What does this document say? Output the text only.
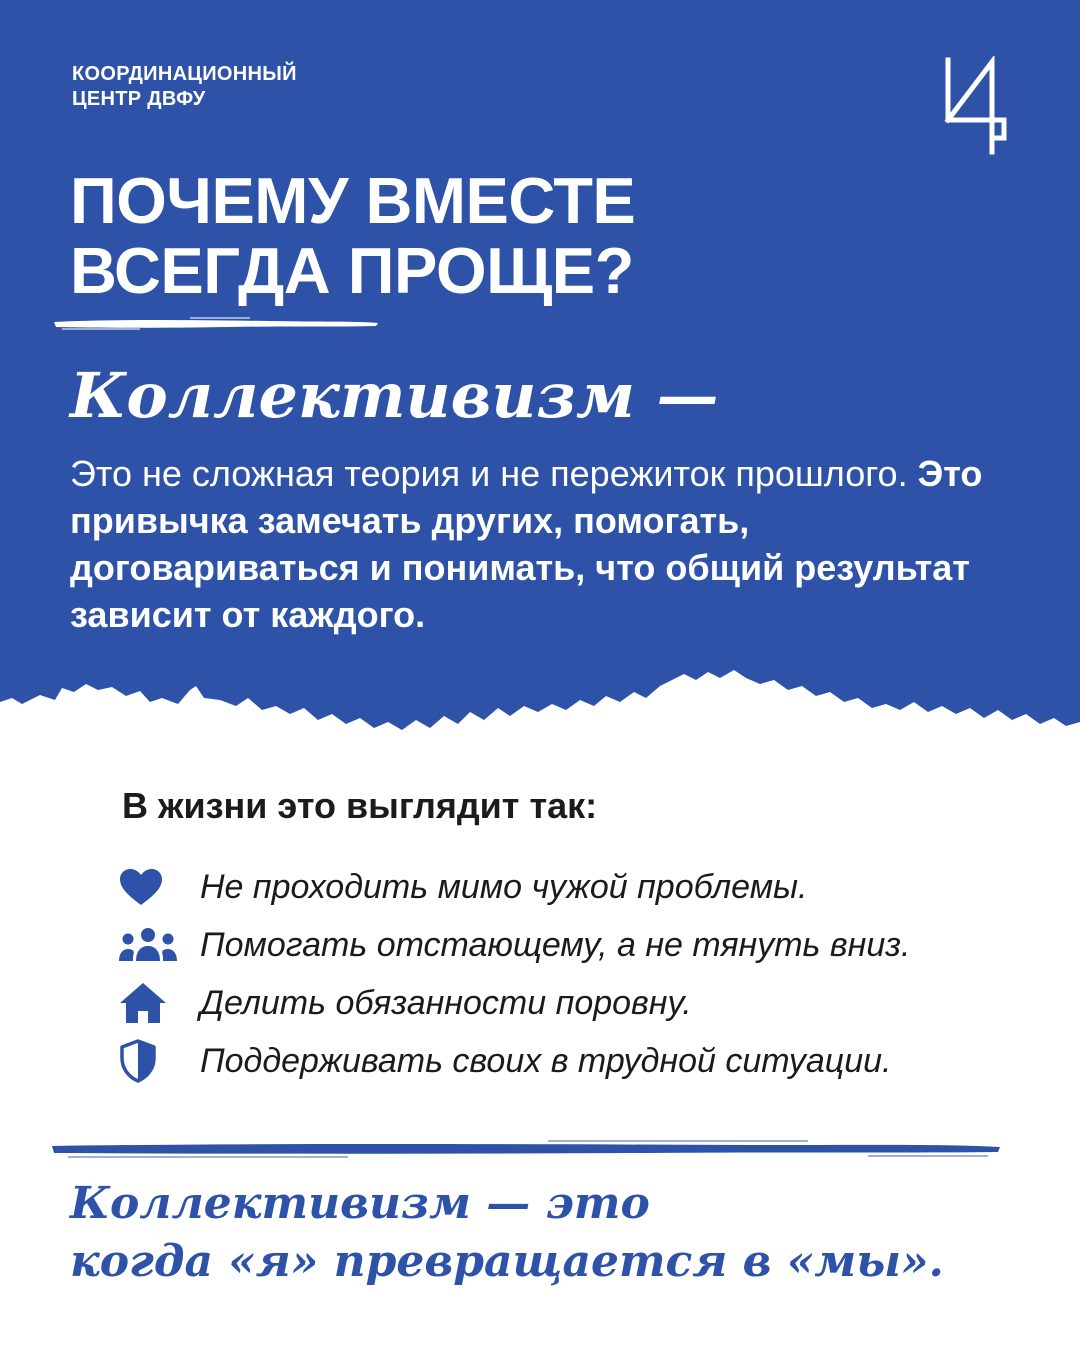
КООРДИНАЦИОННЫЙ
ЦЕНТР ДВФУ
ПОЧЕМУ ВМЕСТЕ
ВСЕГДА ПРОЩЕ?
Коллективизм —
Это не сложная теория и не пережиток прошлого. Это привычка замечать других, помогать, договариваться и понимать, что общий результат зависит от каждого.
В жизни это выглядит так:
Не проходить мимо чужой проблемы.
Помогать отстающему, а не тянуть вниз.
Делить обязанности поровну.
Поддерживать своих в трудной ситуации.
Коллективизм — это
когда «я» превращается в «мы».
